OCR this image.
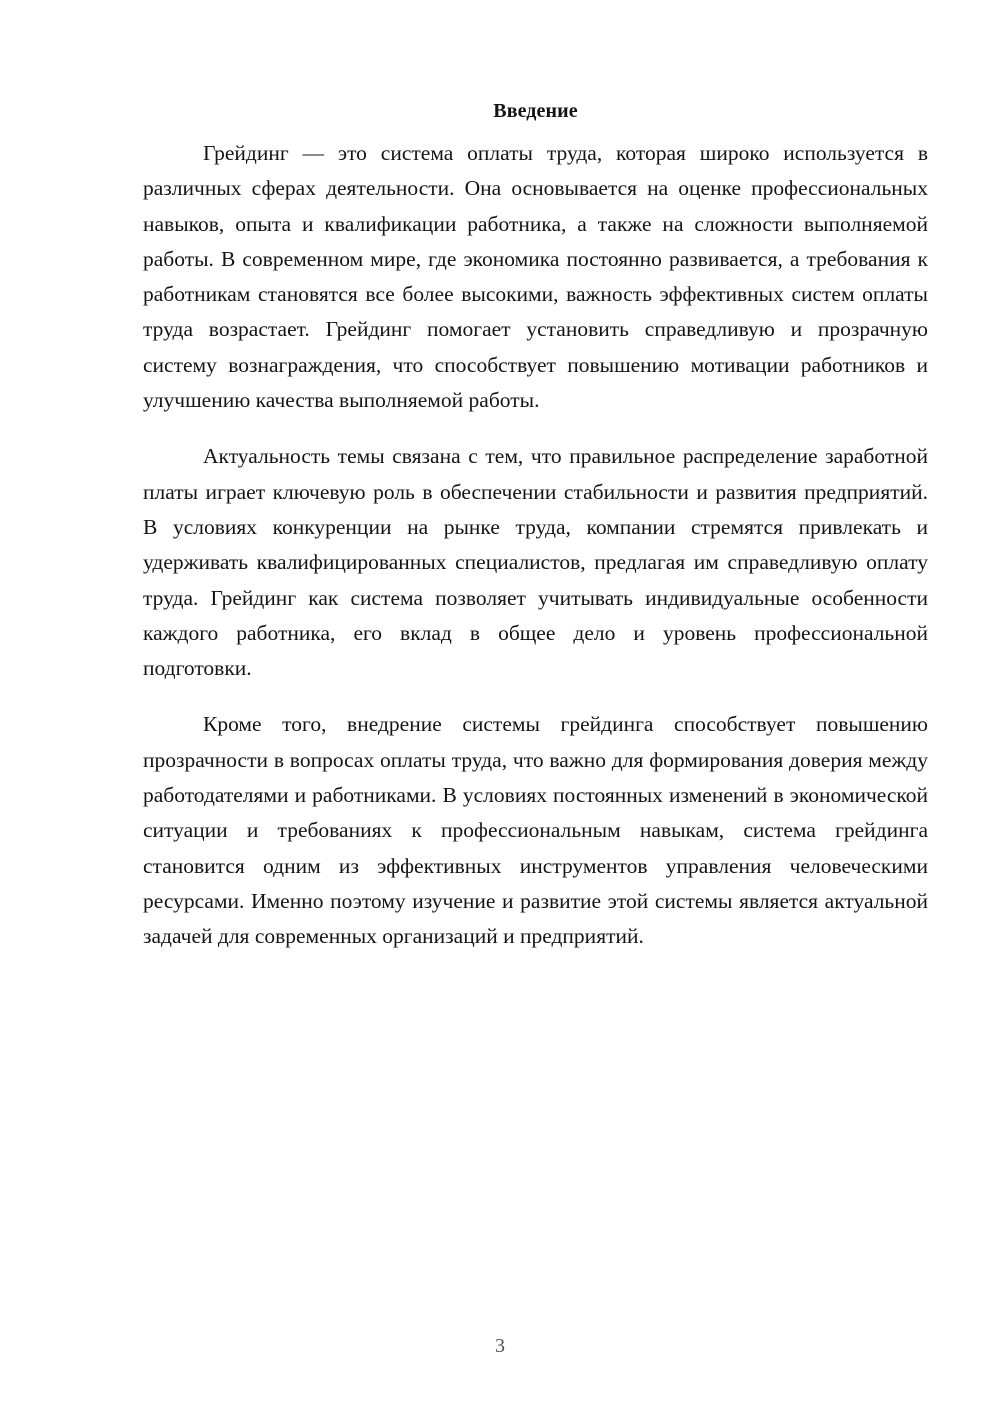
Введение

Грейдинг — это система оплаты труда, которая широко используется в различных сферах деятельности. Она основывается на оценке профессиональных навыков, опыта и квалификации работника, а также на сложности выполняемой работы. В современном мире, где экономика постоянно развивается, а требования к работникам становятся все более высокими, важность эффективных систем оплаты труда возрастает. Грейдинг помогает установить справедливую и прозрачную систему вознаграждения, что способствует повышению мотивации работников и улучшению качества выполняемой работы.

Актуальность темы связана с тем, что правильное распределение заработной платы играет ключевую роль в обеспечении стабильности и развития предприятий. В условиях конкуренции на рынке труда, компании стремятся привлекать и удерживать квалифицированных специалистов, предлагая им справедливую оплату труда. Грейдинг как система позволяет учитывать индивидуальные особенности каждого работника, его вклад в общее дело и уровень профессиональной подготовки.

Кроме того, внедрение системы грейдинга способствует повышению прозрачности в вопросах оплаты труда, что важно для формирования доверия между работодателями и работниками. В условиях постоянных изменений в экономической ситуации и требованиях к профессиональным навыкам, система грейдинга становится одним из эффективных инструментов управления человеческими ресурсами. Именно поэтому изучение и развитие этой системы является актуальной задачей для современных организаций и предприятий.

3
